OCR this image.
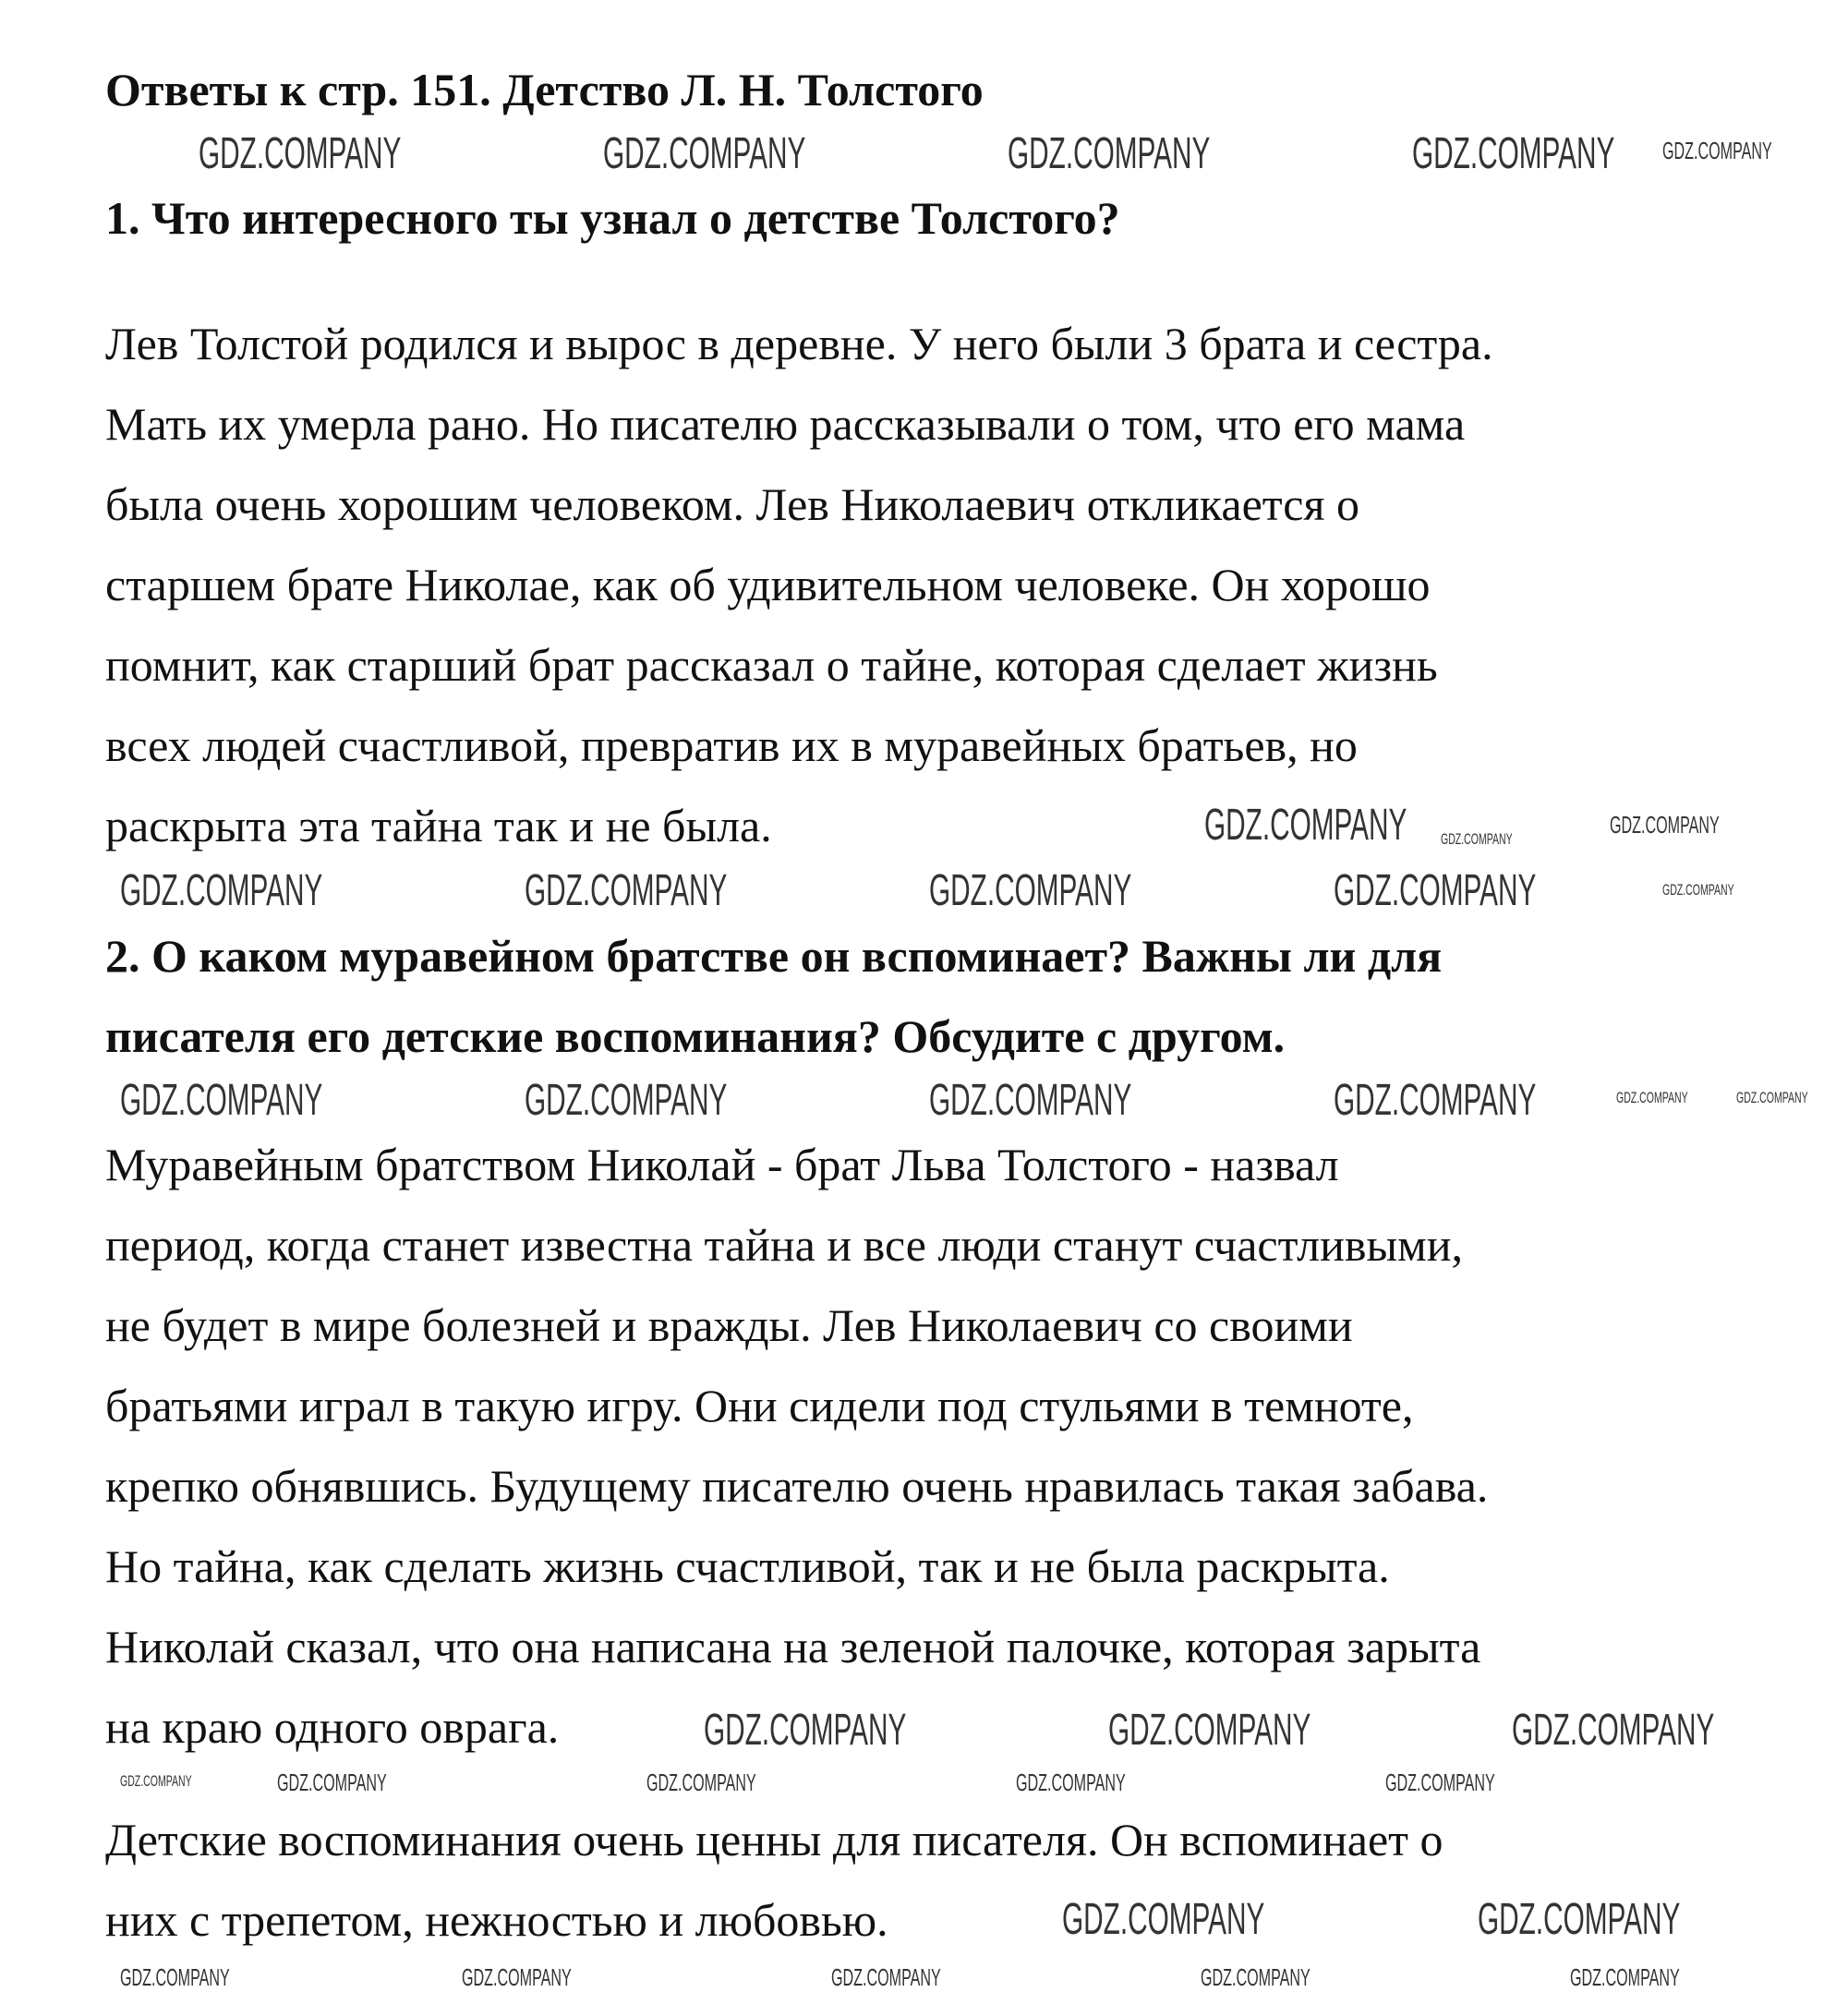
Ответы к стр. 151. Детство Л. Н. Толстого
1. Что интересного ты узнал о детстве Толстого?
Лев Толстой родился и вырос в деревне. У него были 3 брата и сестра.
Мать их умерла рано. Но писателю рассказывали о том, что его мама
была очень хорошим человеком. Лев Николаевич откликается о
старшем брате Николае, как об удивительном человеке. Он хорошо
помнит, как старший брат рассказал о тайне, которая сделает жизнь
всех людей счастливой, превратив их в муравейных братьев, но
раскрыта эта тайна так и не была.
2. О каком муравейном братстве он вспоминает? Важны ли для
писателя его детские воспоминания? Обсудите с другом.
Муравейным братством Николай - брат Льва Толстого - назвал
период, когда станет известна тайна и все люди станут счастливыми,
не будет в мире болезней и вражды. Лев Николаевич со своими
братьями играл в такую игру. Они сидели под стульями в темноте,
крепко обнявшись. Будущему писателю очень нравилась такая забава.
Но тайна, как сделать жизнь счастливой, так и не была раскрыта.
Николай сказал, что она написана на зеленой палочке, которая зарыта
на краю одного оврага.
Детские воспоминания очень ценны для писателя. Он вспоминает о
них с трепетом, нежностью и любовью.
GDZ.COMPANY	GDZ.COMPANY	GDZ.COMPANY	GDZ.COMPANY GDZ.COMPANY
GDZ.COMPANY GDZ.COMPANY
GDZ.COMPANY
GDZ.COMPANY	GDZ.COMPANY	GDZ.COMPANY	GDZ.COMPANY	GDZ.COMPANY
GDZ.COMPANY	GDZ.COMPANY	GDZ.COMPANY	GDZ.COMPANY	GDZ.COMPANY	GDZ.COMPANY
GDZ.COMPANY	GDZ.COMPANY	GDZ.COMPANY
GDZ.COMPANY	GDZ.COMPANY	GDZ.COMPANY	GDZ.COMPANY	GDZ.COMPANY
GDZ.COMPANY	GDZ.COMPANY
GDZ.COMPANY	GDZ.COMPANY	GDZ.COMPANY	GDZ.COMPANY	GDZ.COMPANY
